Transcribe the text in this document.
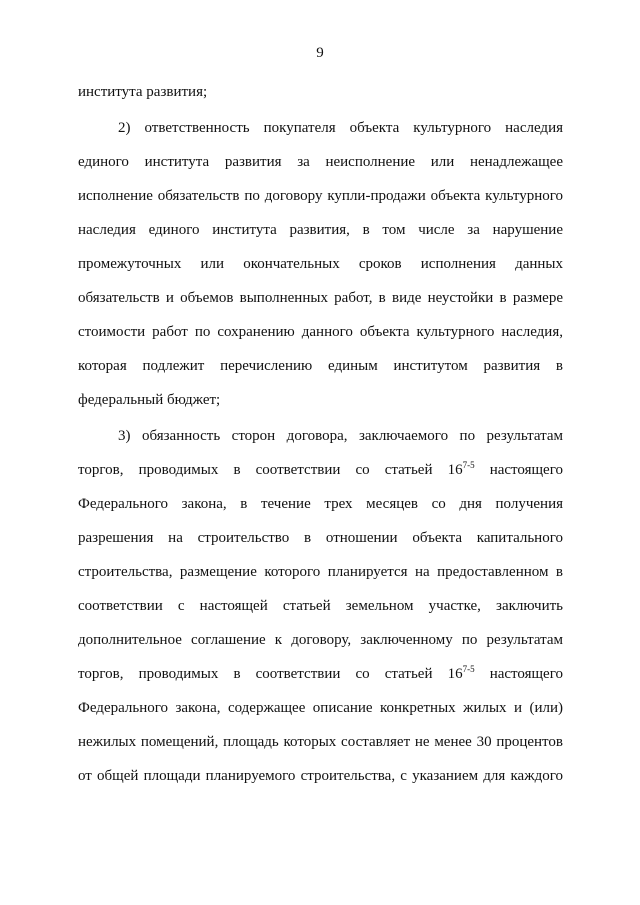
9
института развития;
2) ответственность покупателя объекта культурного наследия
единого института развития за неисполнение или ненадлежащее
исполнение обязательств по договору купли-продажи объекта культурного
наследия единого института развития, в том числе за нарушение
промежуточных или окончательных сроков исполнения данных
обязательств и объемов выполненных работ, в виде неустойки в размере
стоимости работ по сохранению данного объекта культурного наследия,
которая подлежит перечислению единым институтом развития в
федеральный бюджет;
3) обязанность сторон договора, заключаемого по результатам
торгов, проводимых в соответствии со статьей 16$^{7-5}$ настоящего
Федерального закона, в течение трех месяцев со дня получения
разрешения на строительство в отношении объекта капитального
строительства, размещение которого планируется на предоставленном в
соответствии с настоящей статьей земельном участке, заключить
дополнительное соглашение к договору, заключенному по результатам
торгов, проводимых в соответствии со статьей 16$^{7-5}$ настоящего
Федерального закона, содержащее описание конкретных жилых и (или)
нежилых помещений, площадь которых составляет не менее 30 процентов
от общей площади планируемого строительства, с указанием для каждого
